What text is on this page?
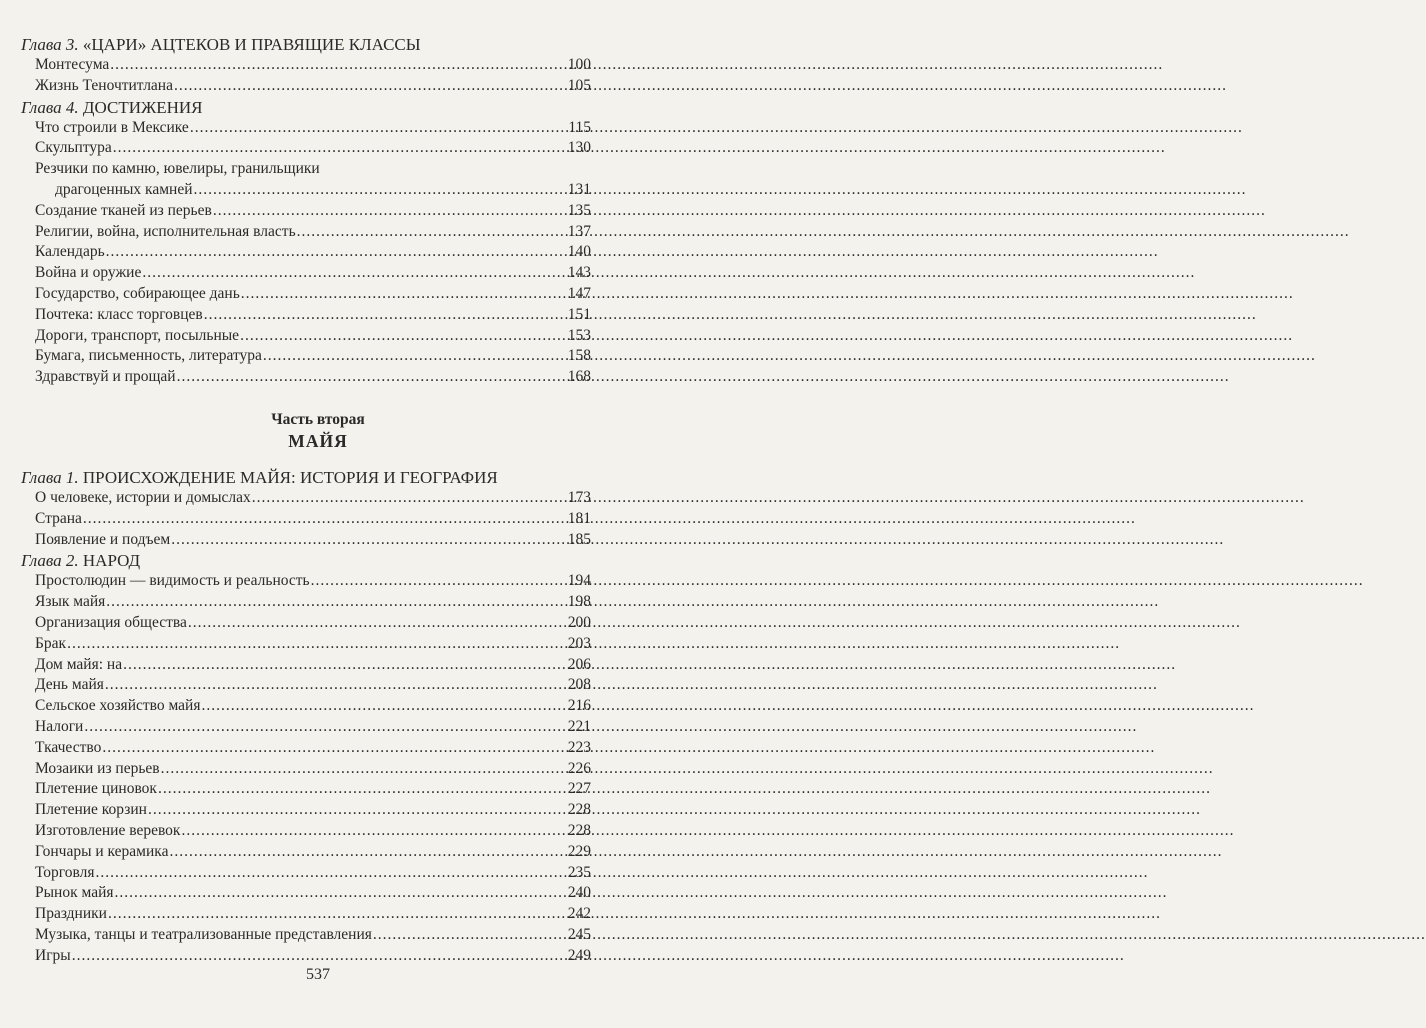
Глава 3. «ЦАРИ» АЦТЕКОВ И ПРАВЯЩИЕ КЛАССЫ
Монтесума .....	100
Жизнь Теночтитлана .....	105
Глава 4. ДОСТИЖЕНИЯ
Что строили в Мексике .....	115
Скульптура .....	130
Резчики по камню, ювелиры, гранильщики
драгоценных камней .....	131
Создание тканей из перьев .....	135
Религии, война, исполнительная власть .....	137
Календарь .....	140
Война и оружие .....	143
Государство, собирающее дань .....	147
Почтека: класс торговцев .....	151
Дороги, транспорт, посыльные .....	153
Бумага, письменность, литература .....	158
Здравствуй и прощай .....	168
Часть вторая
МАЙЯ
Глава 1. ПРОИСХОЖДЕНИЕ МАЙЯ: ИСТОРИЯ И ГЕОГРАФИЯ
О человеке, истории и домыслах .....	173
Страна .....	181
Появление и подъем .....	185
Глава 2. НАРОД
Простолюдин — видимость и реальность .....	194
Язык майя .....	198
Организация общества .....	200
Брак .....	203
Дом майя: на .....	206
День майя .....	208
Сельское хозяйство майя .....	216
Налоги .....	221
Ткачество .....	223
Мозаики из перьев .....	226
Плетение циновок .....	227
Плетение корзин .....	228
Изготовление веревок .....	228
Гончары и керамика .....	229
Торговля .....	235
Рынок майя .....	240
Праздники .....	242
Музыка, танцы и театрализованные представления .....	245
Игры .....	249
537
